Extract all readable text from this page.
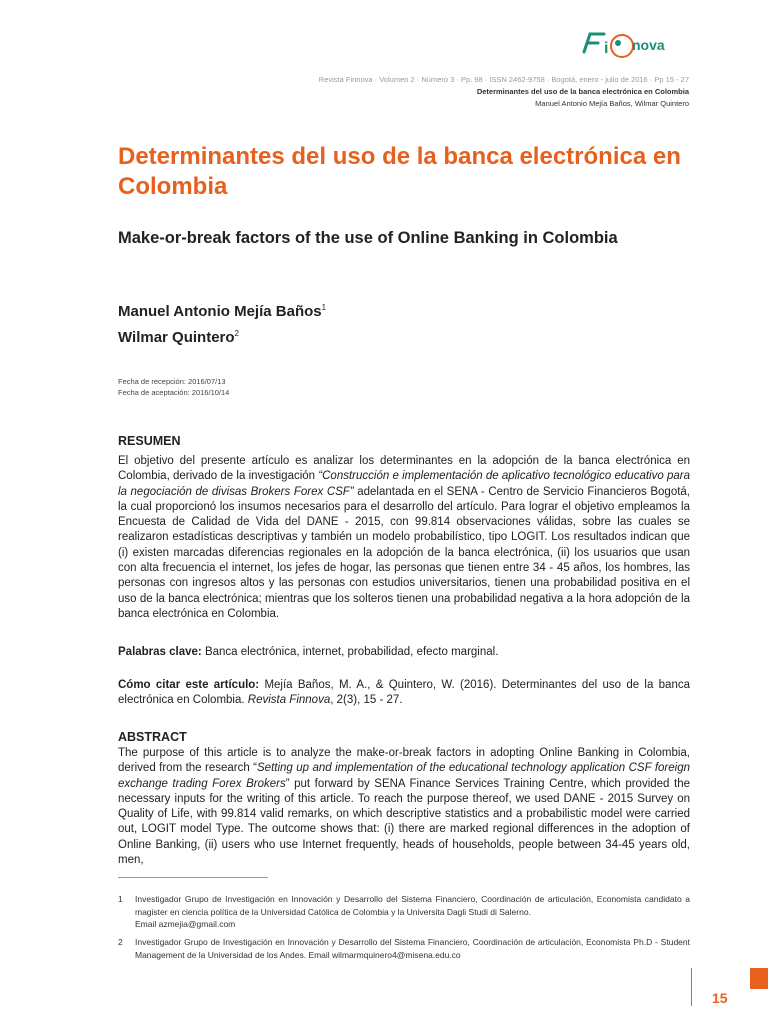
i nova
Revista Finnova · Volumen 2 · Número 3 · Pp. 98 · ISSN 2462-9758 · Bogotá, enero - julio de 2016 · Pp 15 - 27
Determinantes del uso de la banca electrónica en Colombia
Manuel Antonio Mejía Baños, Wilmar Quintero
Determinantes del uso de la banca electrónica en Colombia
Make-or-break factors of the use of Online Banking in Colombia
Manuel Antonio Mejía Baños$^1$
Wilmar Quintero$^2$
Fecha de recepción: 2016/07/13
Fecha de aceptación: 2016/10/14
RESUMEN
El objetivo del presente artículo es analizar los determinantes en la adopción de la banca electrónica en Colombia, derivado de la investigación “Construcción e implementación de aplicativo tecnológico educativo para la negociación de divisas Brokers Forex CSF” adelantada en el SENA - Centro de Servicio Financieros Bogotá, la cual proporcionó los insumos necesarios para el desarrollo del artículo. Para lograr el objetivo empleamos la Encuesta de Calidad de Vida del DANE - 2015, con 99.814 observaciones válidas, sobre las cuales se realizaron estadísticas descriptivas y también un modelo probabilístico, tipo LOGIT. Los resultados indican que (i) existen marcadas diferencias regionales en la adopción de la banca electrónica, (ii) los usuarios que usan con alta frecuencia el internet, los jefes de hogar, las personas que tienen entre 34 - 45 años, los hombres, las personas con ingresos altos y las personas con estudios universitarios, tienen una probabilidad positiva en el uso de la banca electrónica; mientras que los solteros tienen una probabilidad negativa a la hora adopción de la banca electrónica en Colombia.
Palabras clave: Banca electrónica, internet, probabilidad, efecto marginal.
Cómo citar este artículo: Mejía Baños, M. A., & Quintero, W. (2016). Determinantes del uso de la banca electrónica en Colombia. Revista Finnova, 2(3), 15 - 27.
ABSTRACT
The purpose of this article is to analyze the make-or-break factors in adopting Online Banking in Colombia, derived from the research “Setting up and implementation of the educational technology application CSF foreign exchange trading Forex Brokers” put forward by SENA Finance Services Training Centre, which provided the necessary inputs for the writing of this article. To reach the purpose thereof, we used DANE - 2015 Survey on Quality of Life, with 99.814 valid remarks, on which descriptive statistics and a probabilistic model were carried out, LOGIT model Type. The outcome shows that: (i) there are marked regional differences in the adoption of Online Banking, (ii) users who use Internet frequently, heads of households, people between 34-45 years old, men,
1 Investigador Grupo de Investigación en Innovación y Desarrollo del Sistema Financiero, Coordinación de articulación, Economista candidato a magister en ciencia política de la Universidad Católica de Colombia y la Universita Dagli Studi di Salerno.
Email azmejia@gmail.com
2 Investigador Grupo de Investigación en Innovación y Desarrollo del Sistema Financiero, Coordinación de articulación, Economista Ph.D - Student Management de la Universidad de los Andes. Email wilmarmquinero4@misena.edu.co
15
